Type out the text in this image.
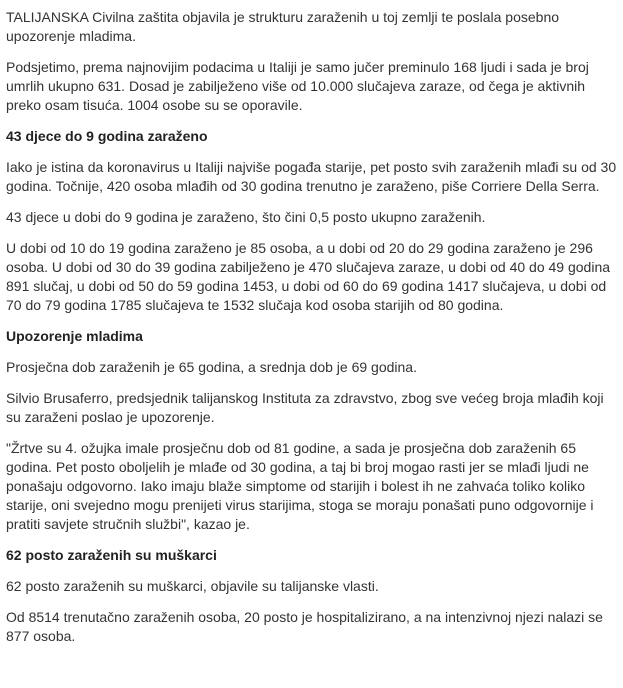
TALIJANSKA Civilna zaštita objavila je strukturu zaraženih u toj zemlji te poslala posebno upozorenje mladima.

Podsjetimo, prema najnovijim podacima u Italiji je samo jučer preminulo 168 ljudi i sada je broj umrlih ukupno 631. Dosad je zabilježeno više od 10.000 slučajeva zaraze, od čega je aktivnih preko osam tisuća. 1004 osobe su se oporavile.

43 djece do 9 godina zaraženo

Iako je istina da koronavirus u Italiji najviše pogađa starije, pet posto svih zaraženih mlađi su od 30 godina. Točnije, 420 osoba mlađih od 30 godina trenutno je zaraženo, piše Corriere Della Serra.

43 djece u dobi do 9 godina je zaraženo, što čini 0,5 posto ukupno zaraženih.

U dobi od 10 do 19 godina zaraženo je 85 osoba, a u dobi od 20 do 29 godina zaraženo je 296 osoba. U dobi od 30 do 39 godina zabilježeno je 470 slučajeva zaraze, u dobi od 40 do 49 godina 891 slučaj, u dobi od 50 do 59 godina 1453, u dobi od 60 do 69 godina 1417 slučajeva, u dobi od 70 do 79 godina 1785 slučajeva te 1532 slučaja kod osoba starijih od 80 godina.

Upozorenje mladima

Prosječna dob zaraženih je 65 godina, a srednja dob je 69 godina.

Silvio Brusaferro, predsjednik talijanskog Instituta za zdravstvo, zbog sve većeg broja mlađih koji su zaraženi poslao je upozorenje.

"Žrtve su 4. ožujka imale prosječnu dob od 81 godine, a sada je prosječna dob zaraženih 65 godina. Pet posto oboljelih je mlađe od 30 godina, a taj bi broj mogao rasti jer se mlađi ljudi ne ponašaju odgovorno. Iako imaju blaže simptome od starijih i bolest ih ne zahvaća toliko koliko starije, oni svejedno mogu prenijeti virus starijima, stoga se moraju ponašati puno odgovornije i pratiti savjete stručnih službi", kazao je.

62 posto zaraženih su muškarci

62 posto zaraženih su muškarci, objavile su talijanske vlasti.

Od 8514 trenutačno zaraženih osoba, 20 posto je hospitalizirano, a na intenzivnoj njezi nalazi se 877 osoba.
